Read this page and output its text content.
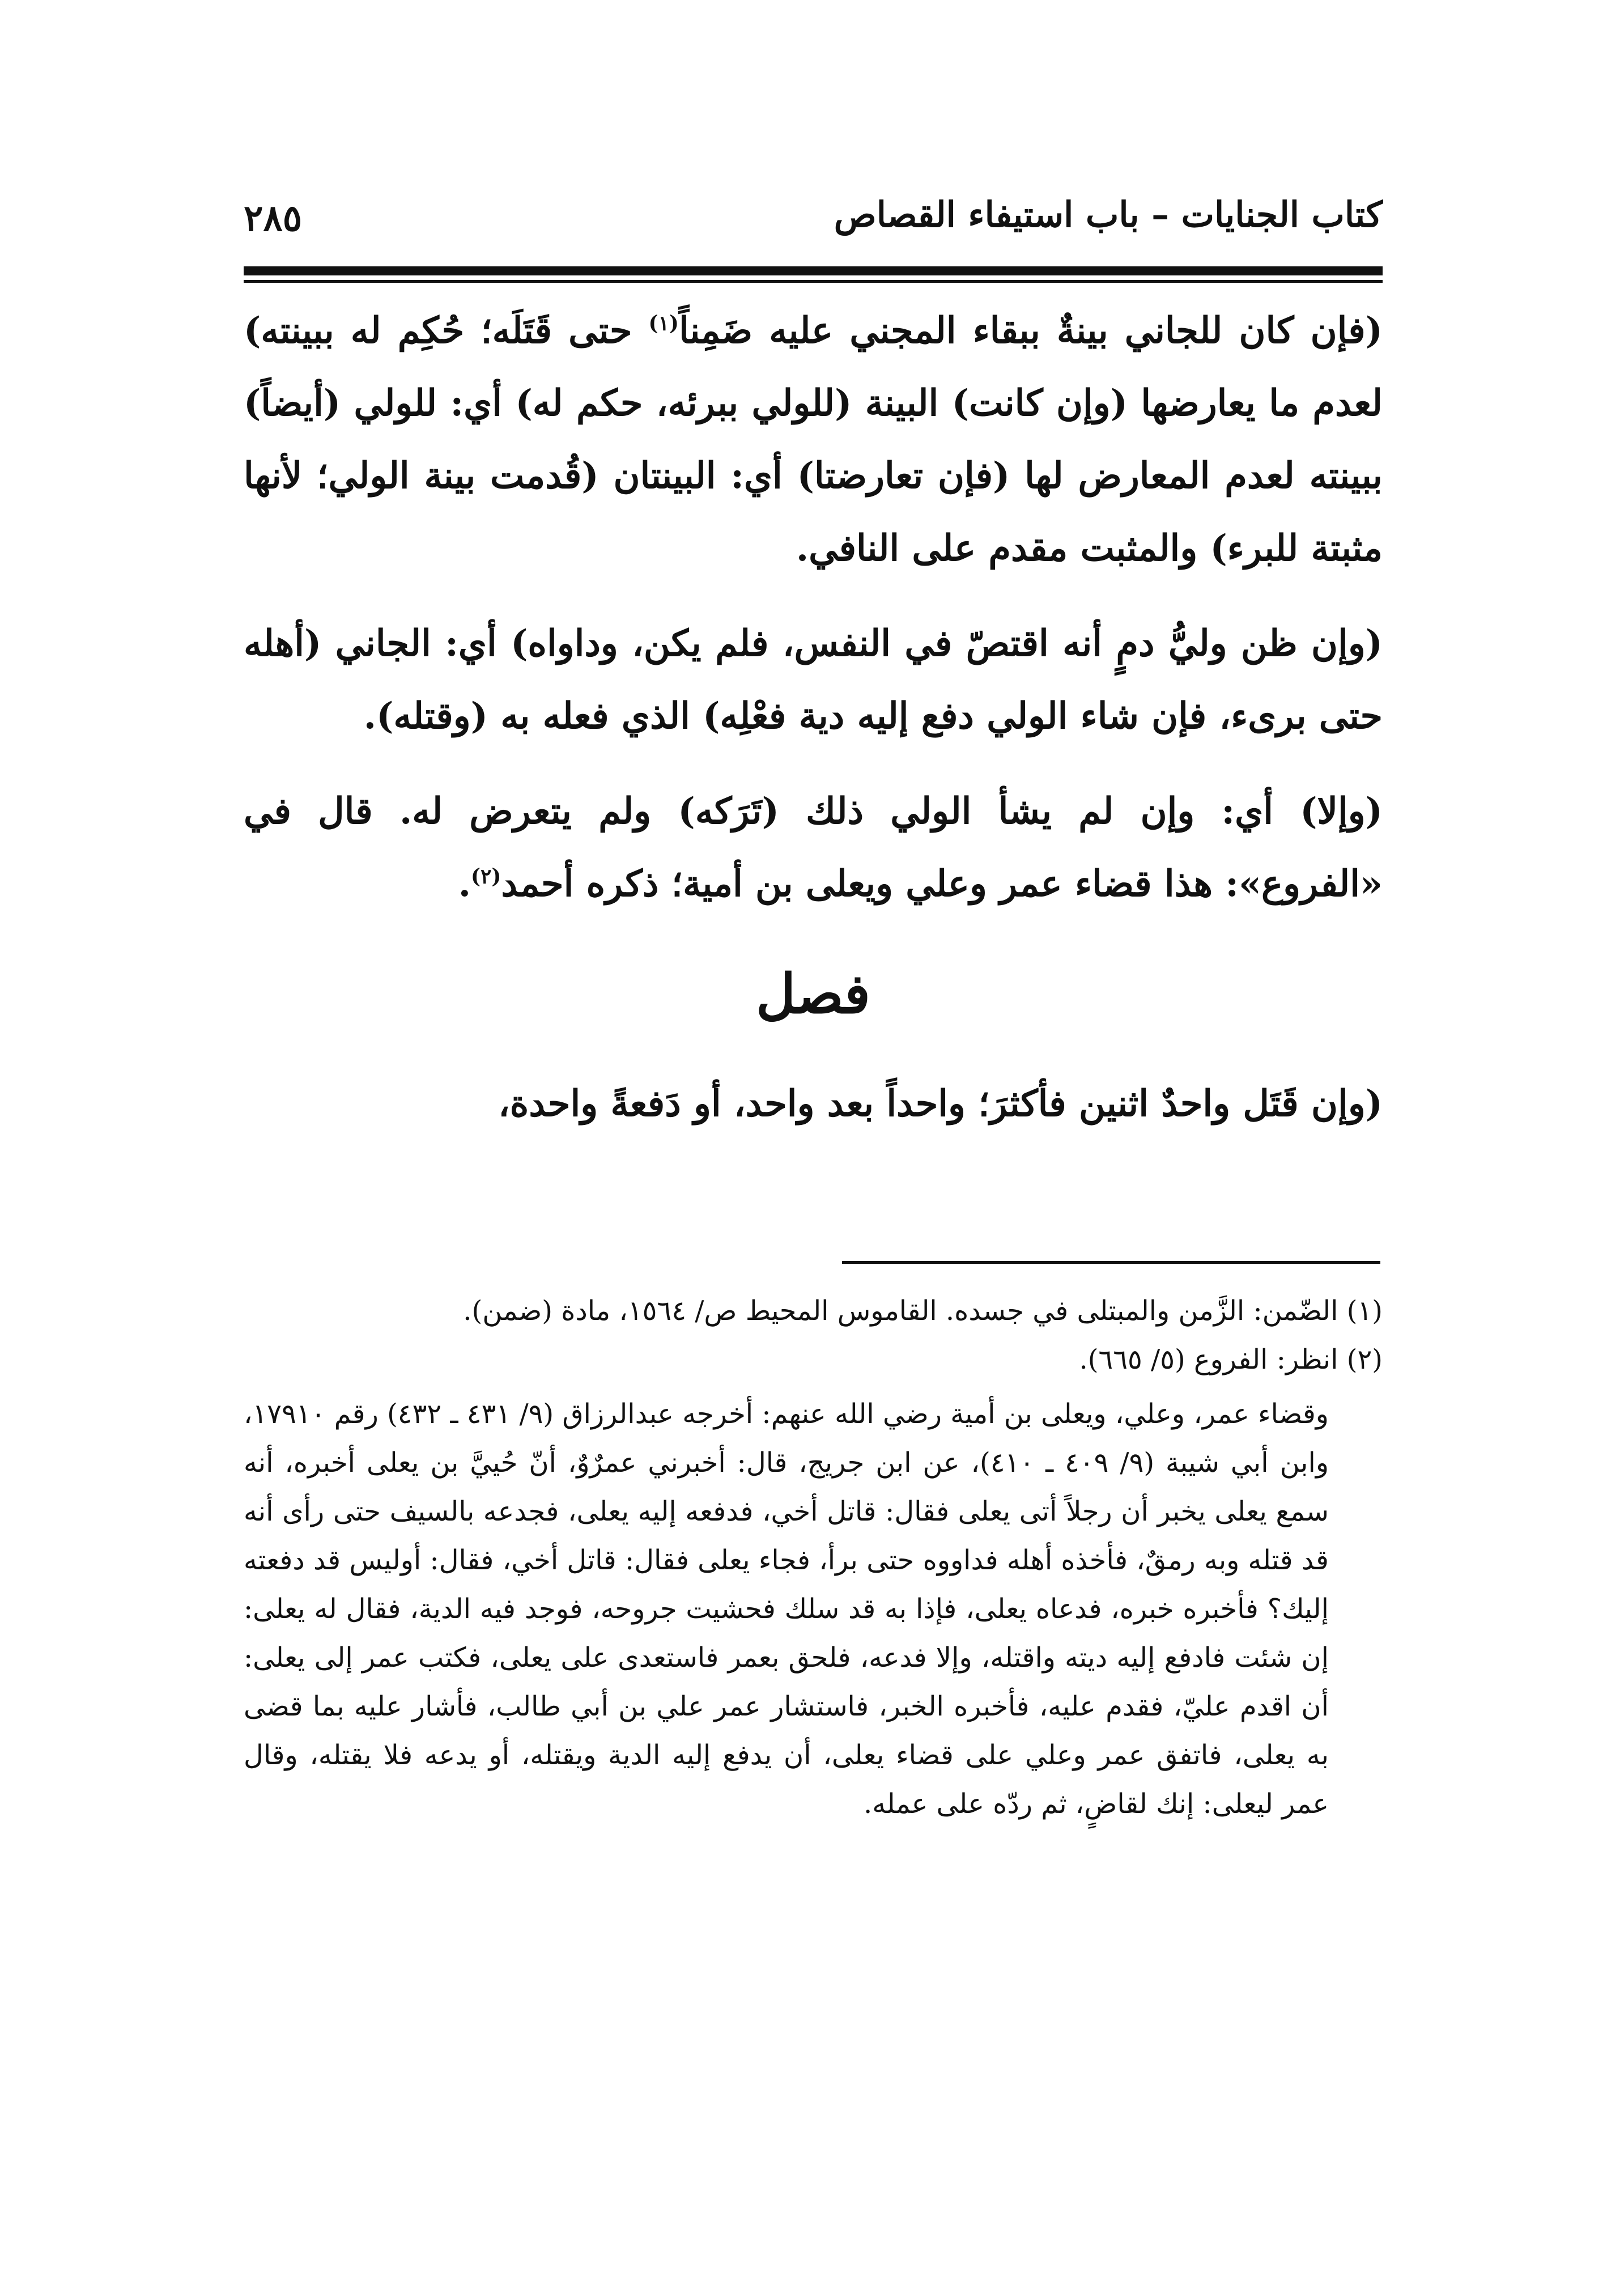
كتاب الجنايات – باب استيفاء القصاص
٢٨٥

(فإن كان للجاني بينةٌ ببقاء المجني عليه ضَمِناً$^{(١)}$ حتى قَتَلَه؛ حُكِم له ببينته) لعدم ما يعارضها (وإن كانت) البينة (للولي ببرئه، حكم له) أي: للولي (أيضاً) ببينته لعدم المعارض لها (فإن تعارضتا) أي: البينتان (قُدمت بينة الولي؛ لأنها مثبتة للبرء) والمثبت مقدم على النافي.

(وإن ظن وليُّ دمٍ أنه اقتصّ في النفس، فلم يكن، وداواه) أي: الجاني (أهله حتى برىء، فإن شاء الولي دفع إليه دية فعْلِه) الذي فعله به (وقتله).

(وإلا) أي: وإن لم يشأ الولي ذلك (تَرَكه) ولم يتعرض له. قال في «الفروع»: هذا قضاء عمر وعلي ويعلى بن أمية؛ ذكره أحمد$^{(٢)}$.

فصل

(وإن قَتَل واحدٌ اثنين فأكثرَ؛ واحداً بعد واحد، أو دَفعةً واحدة،

(١) الضّمن: الزَّمن والمبتلى في جسده. القاموس المحيط ص/ ١٥٦٤، مادة (ضمن).

(٢) انظر: الفروع (٥/ ٦٦٥).

وقضاء عمر، وعلي، ويعلى بن أمية رضي الله عنهم: أخرجه عبدالرزاق (٩/ ٤٣١ ـ ٤٣٢) رقم ١٧٩١٠، وابن أبي شيبة (٩/ ٤٠٩ ـ ٤١٠)، عن ابن جريج، قال: أخبرني عمرٌوٌ، أنّ حُييَّ بن يعلى أخبره، أنه سمع يعلى يخبر أن رجلاً أتى يعلى فقال: قاتل أخي، فدفعه إليه يعلى، فجدعه بالسيف حتى رأى أنه قد قتله وبه رمقٌ، فأخذه أهله فداووه حتى برأ، فجاء يعلى فقال: قاتل أخي، فقال: أوليس قد دفعته إليك؟ فأخبره خبره، فدعاه يعلى، فإذا به قد سلك فحشيت جروحه، فوجد فيه الدية، فقال له يعلى: إن شئت فادفع إليه ديته واقتله، وإلا فدعه، فلحق بعمر فاستعدى على يعلى، فكتب عمر إلى يعلى: أن اقدم عليّ، فقدم عليه، فأخبره الخبر، فاستشار عمر علي بن أبي طالب، فأشار عليه بما قضى به يعلى، فاتفق عمر وعلي على قضاء يعلى، أن يدفع إليه الدية ويقتله، أو يدعه فلا يقتله، وقال عمر ليعلى: إنك لقاضٍ، ثم ردّه على عمله.
